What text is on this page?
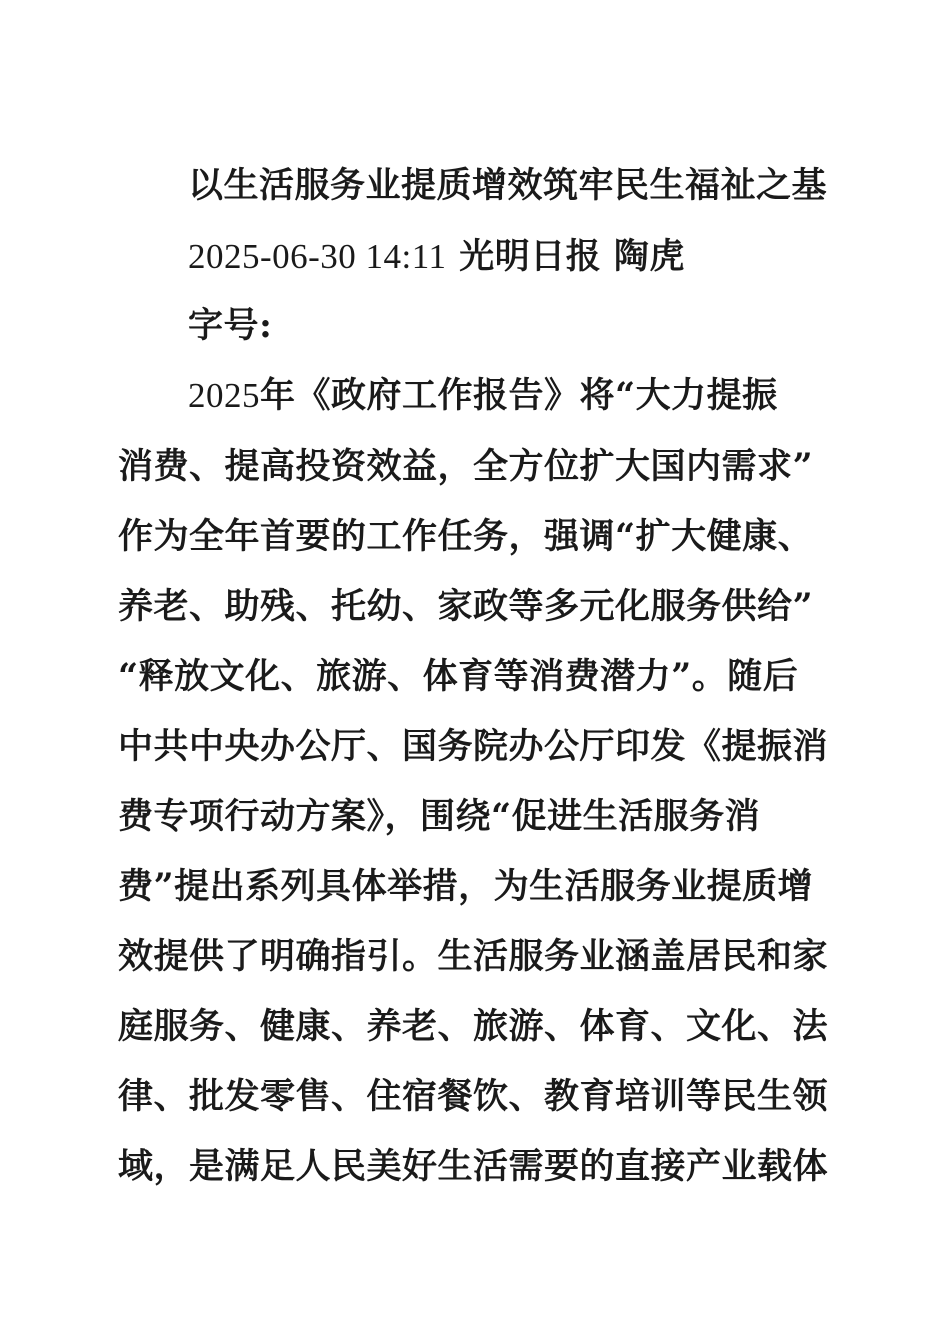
以生活服务业提质增效筑牢民生福祉之基
2025-06-30 14:11 光明日报 陶虎
字号:
2025年《政府工作报告》将“大力提振
消费、提高投资效益，全方位扩大国内需求”
作为全年首要的工作任务，强调“扩大健康、
养老、助残、托幼、家政等多元化服务供给”
“释放文化、旅游、体育等消费潜力”。随后
中共中央办公厅、国务院办公厅印发《提振消
费专项行动方案》，围绕“促进生活服务消
费”提出系列具体举措，为生活服务业提质增
效提供了明确指引。生活服务业涵盖居民和家
庭服务、健康、养老、旅游、体育、文化、法
律、批发零售、住宿餐饮、教育培训等民生领
域，是满足人民美好生活需要的直接产业载体
